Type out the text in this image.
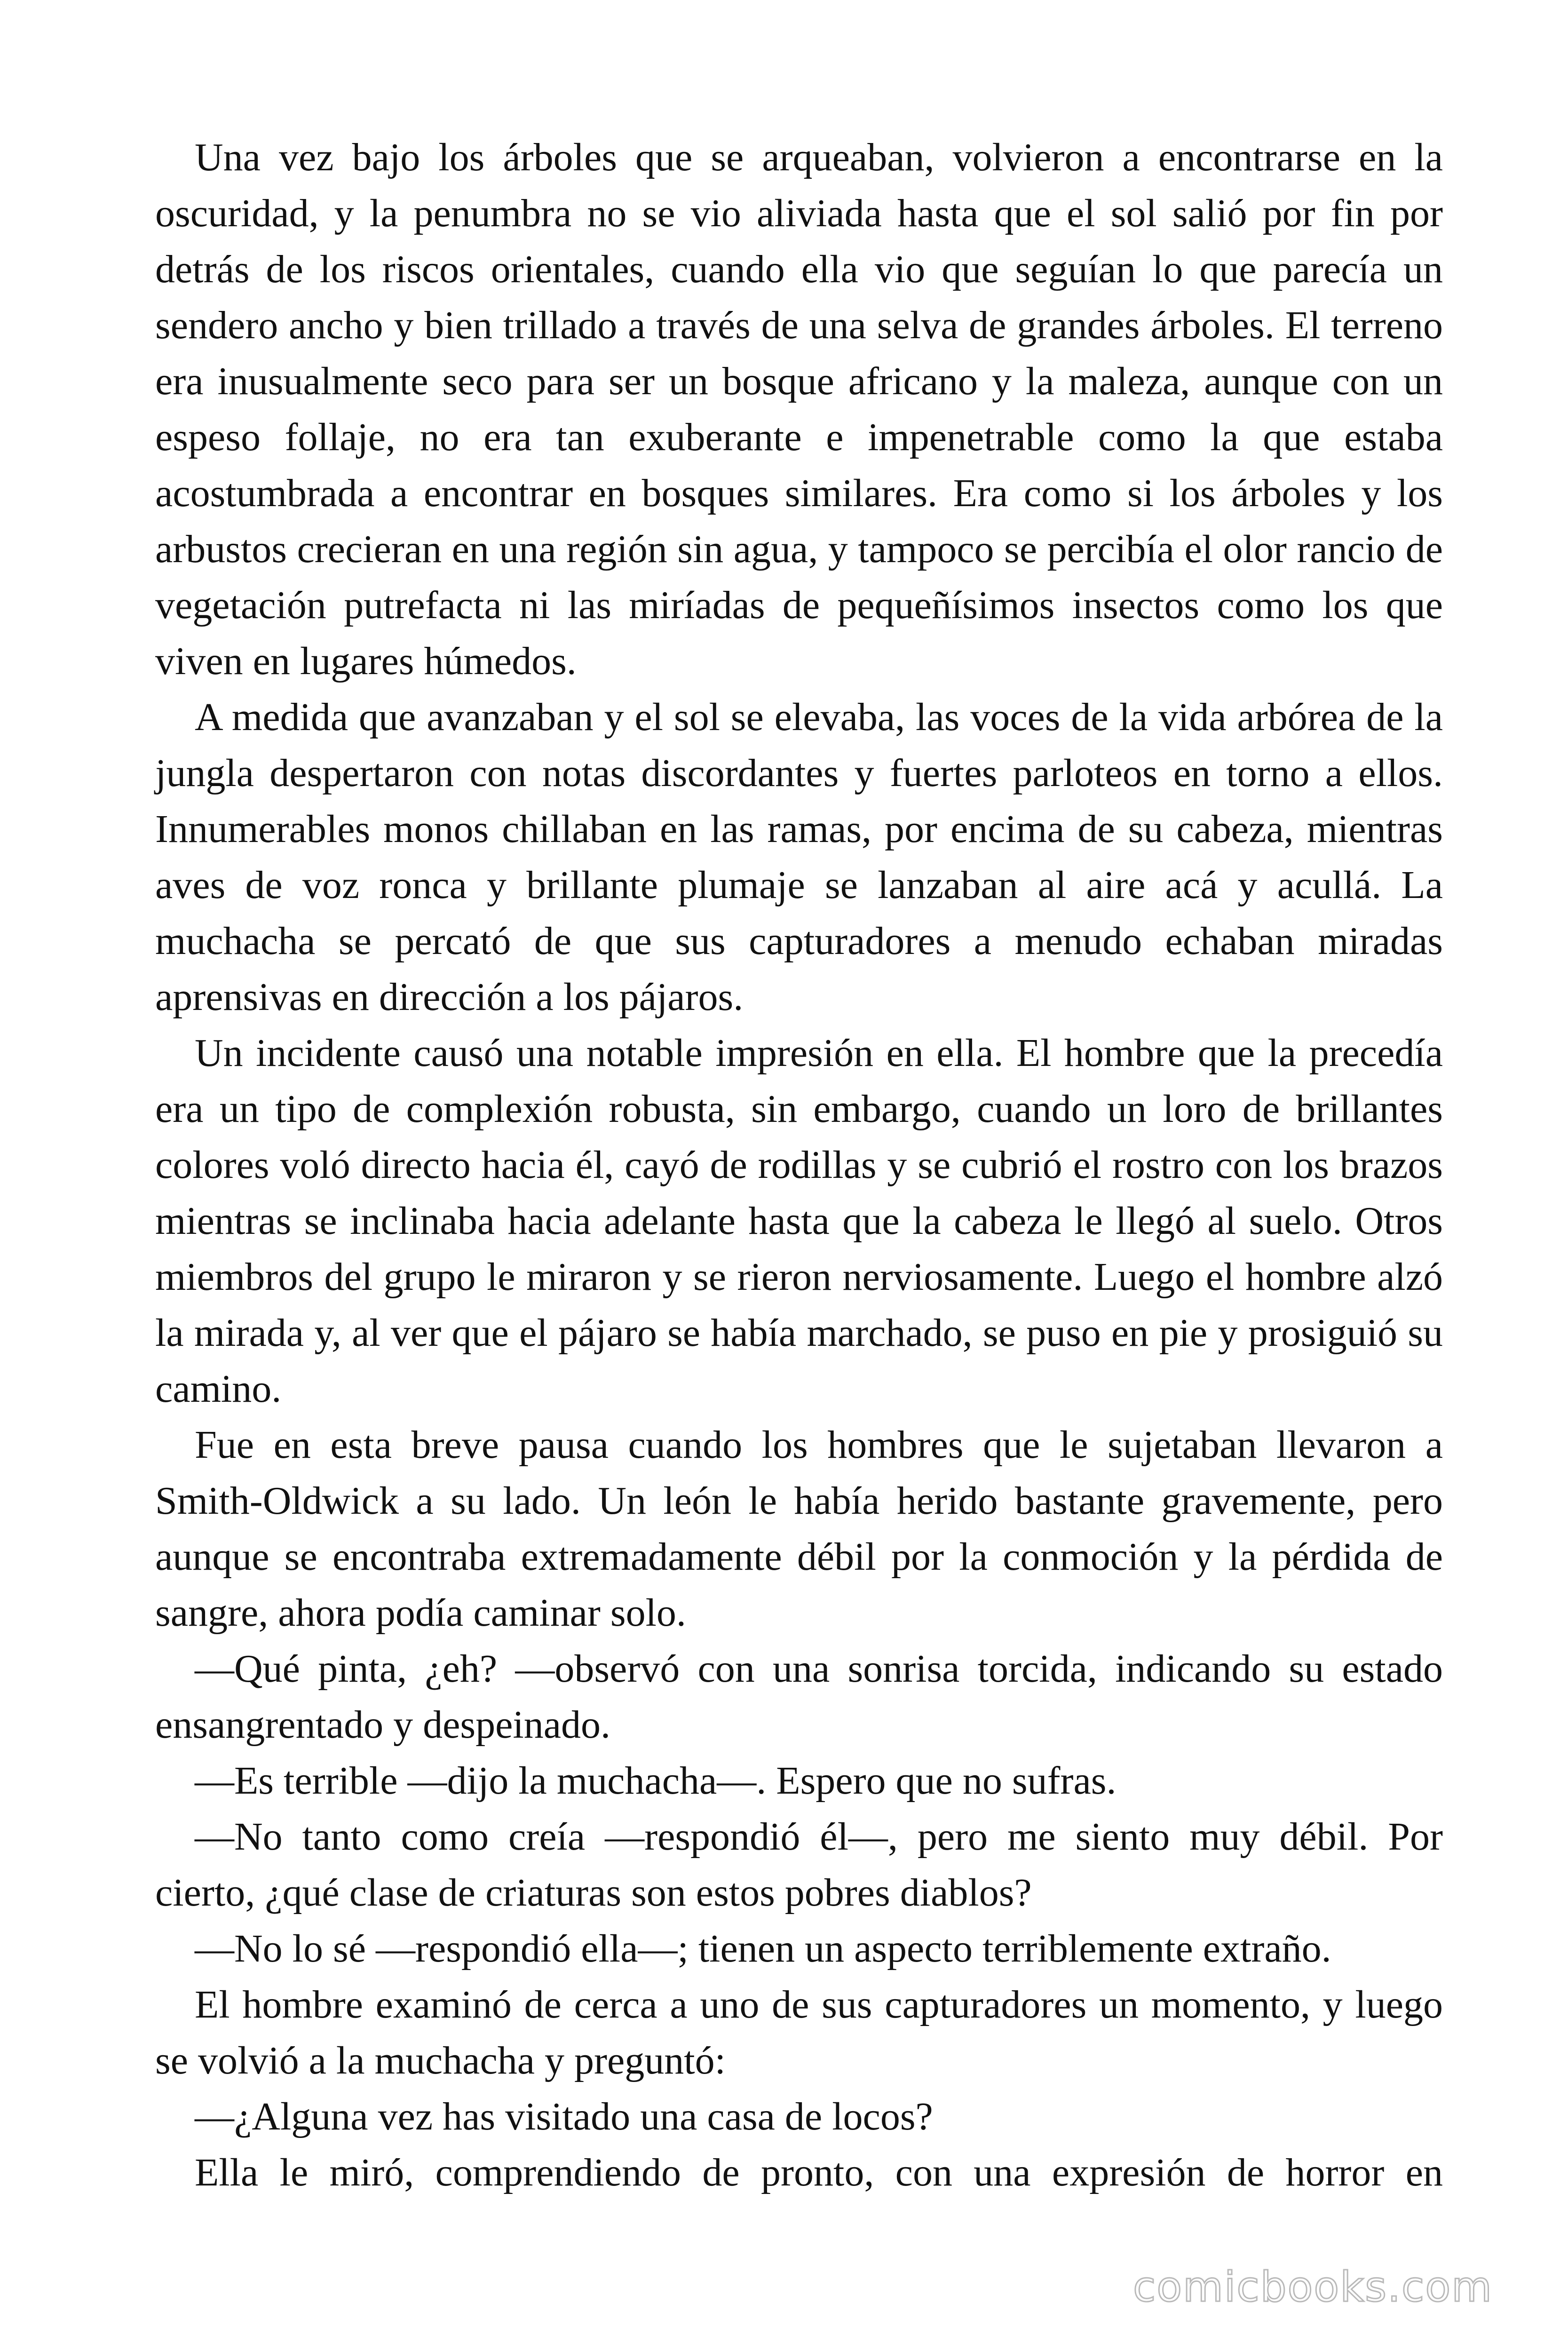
Una vez bajo los árboles que se arqueaban, volvieron a encontrarse en la oscuridad, y la penumbra no se vio aliviada hasta que el sol salió por fin por detrás de los riscos orientales, cuando ella vio que seguían lo que parecía un sendero ancho y bien trillado a través de una selva de grandes árboles. El terreno era inusualmente seco para ser un bosque africano y la maleza, aunque con un espeso follaje, no era tan exuberante e impenetrable como la que estaba acostumbrada a encontrar en bosques similares. Era como si los árboles y los arbustos crecieran en una región sin agua, y tampoco se percibía el olor rancio de vegetación putrefacta ni las miríadas de pequeñísimos insectos como los que viven en lugares húmedos.

A medida que avanzaban y el sol se elevaba, las voces de la vida arbórea de la jungla despertaron con notas discordantes y fuertes parloteos en torno a ellos. Innumerables monos chillaban en las ramas, por encima de su cabeza, mientras aves de voz ronca y brillante plumaje se lanzaban al aire acá y acullá. La muchacha se percató de que sus capturadores a menudo echaban miradas aprensivas en dirección a los pájaros.

Un incidente causó una notable impresión en ella. El hombre que la precedía era un tipo de complexión robusta, sin embargo, cuando un loro de brillantes colores voló directo hacia él, cayó de rodillas y se cubrió el rostro con los brazos mientras se inclinaba hacia adelante hasta que la cabeza le llegó al suelo. Otros miembros del grupo le miraron y se rieron nerviosamente. Luego el hombre alzó la mirada y, al ver que el pájaro se había marchado, se puso en pie y prosiguió su camino.

Fue en esta breve pausa cuando los hombres que le sujetaban llevaron a Smith-Oldwick a su lado. Un león le había herido bastante gravemente, pero aunque se encontraba extremadamente débil por la conmoción y la pérdida de sangre, ahora podía caminar solo.

—Qué pinta, ¿eh? —observó con una sonrisa torcida, indicando su estado ensangrentado y despeinado.

—Es terrible —dijo la muchacha—. Espero que no sufras.

—No tanto como creía —respondió él—, pero me siento muy débil. Por cierto, ¿qué clase de criaturas son estos pobres diablos?

—No lo sé —respondió ella—; tienen un aspecto terriblemente extraño.

El hombre examinó de cerca a uno de sus capturadores un momento, y luego se volvió a la muchacha y preguntó:

—¿Alguna vez has visitado una casa de locos?

Ella le miró, comprendiendo de pronto, con una expresión de horror en

comicbooks.com
